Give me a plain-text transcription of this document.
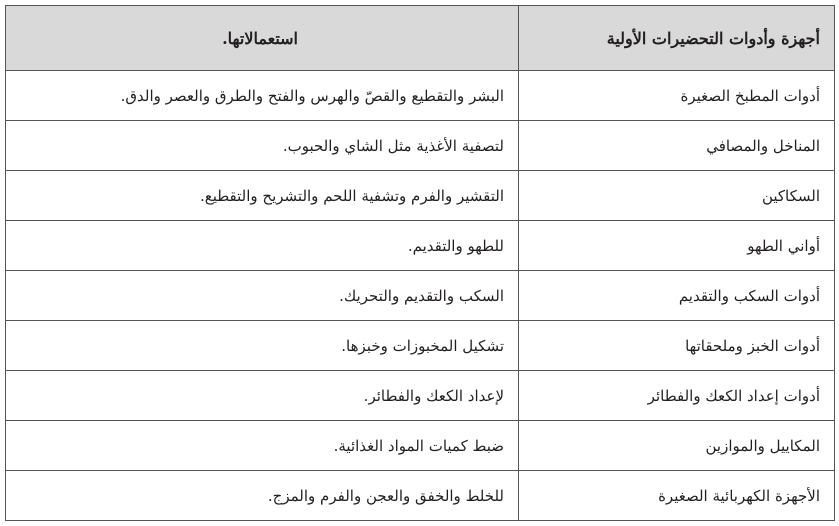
أجهزة وأدوات التحضيرات الأولية	استعمالاتها.
أدوات المطبخ الصغيرة	البشر والتقطيع والقصّ والهرس والفتح والطرق والعصر والدق.
المناخل والمصافي	لتصفية الأغذية مثل الشاي والحبوب.
السكاكين	التقشير والفرم وتشفية اللحم والتشريح والتقطيع.
أواني الطهو	للطهو والتقديم.
أدوات السكب والتقديم	السكب والتقديم والتحريك.
أدوات الخبز وملحقاتها	تشكيل المخبوزات وخبزها.
أدوات إعداد الكعك والفطائر	لإعداد الكعك والفطائر.
المكاييل والموازين	ضبط كميات المواد الغذائية.
الأجهزة الكهربائية الصغيرة	للخلط والخفق والعجن والفرم والمزج.
